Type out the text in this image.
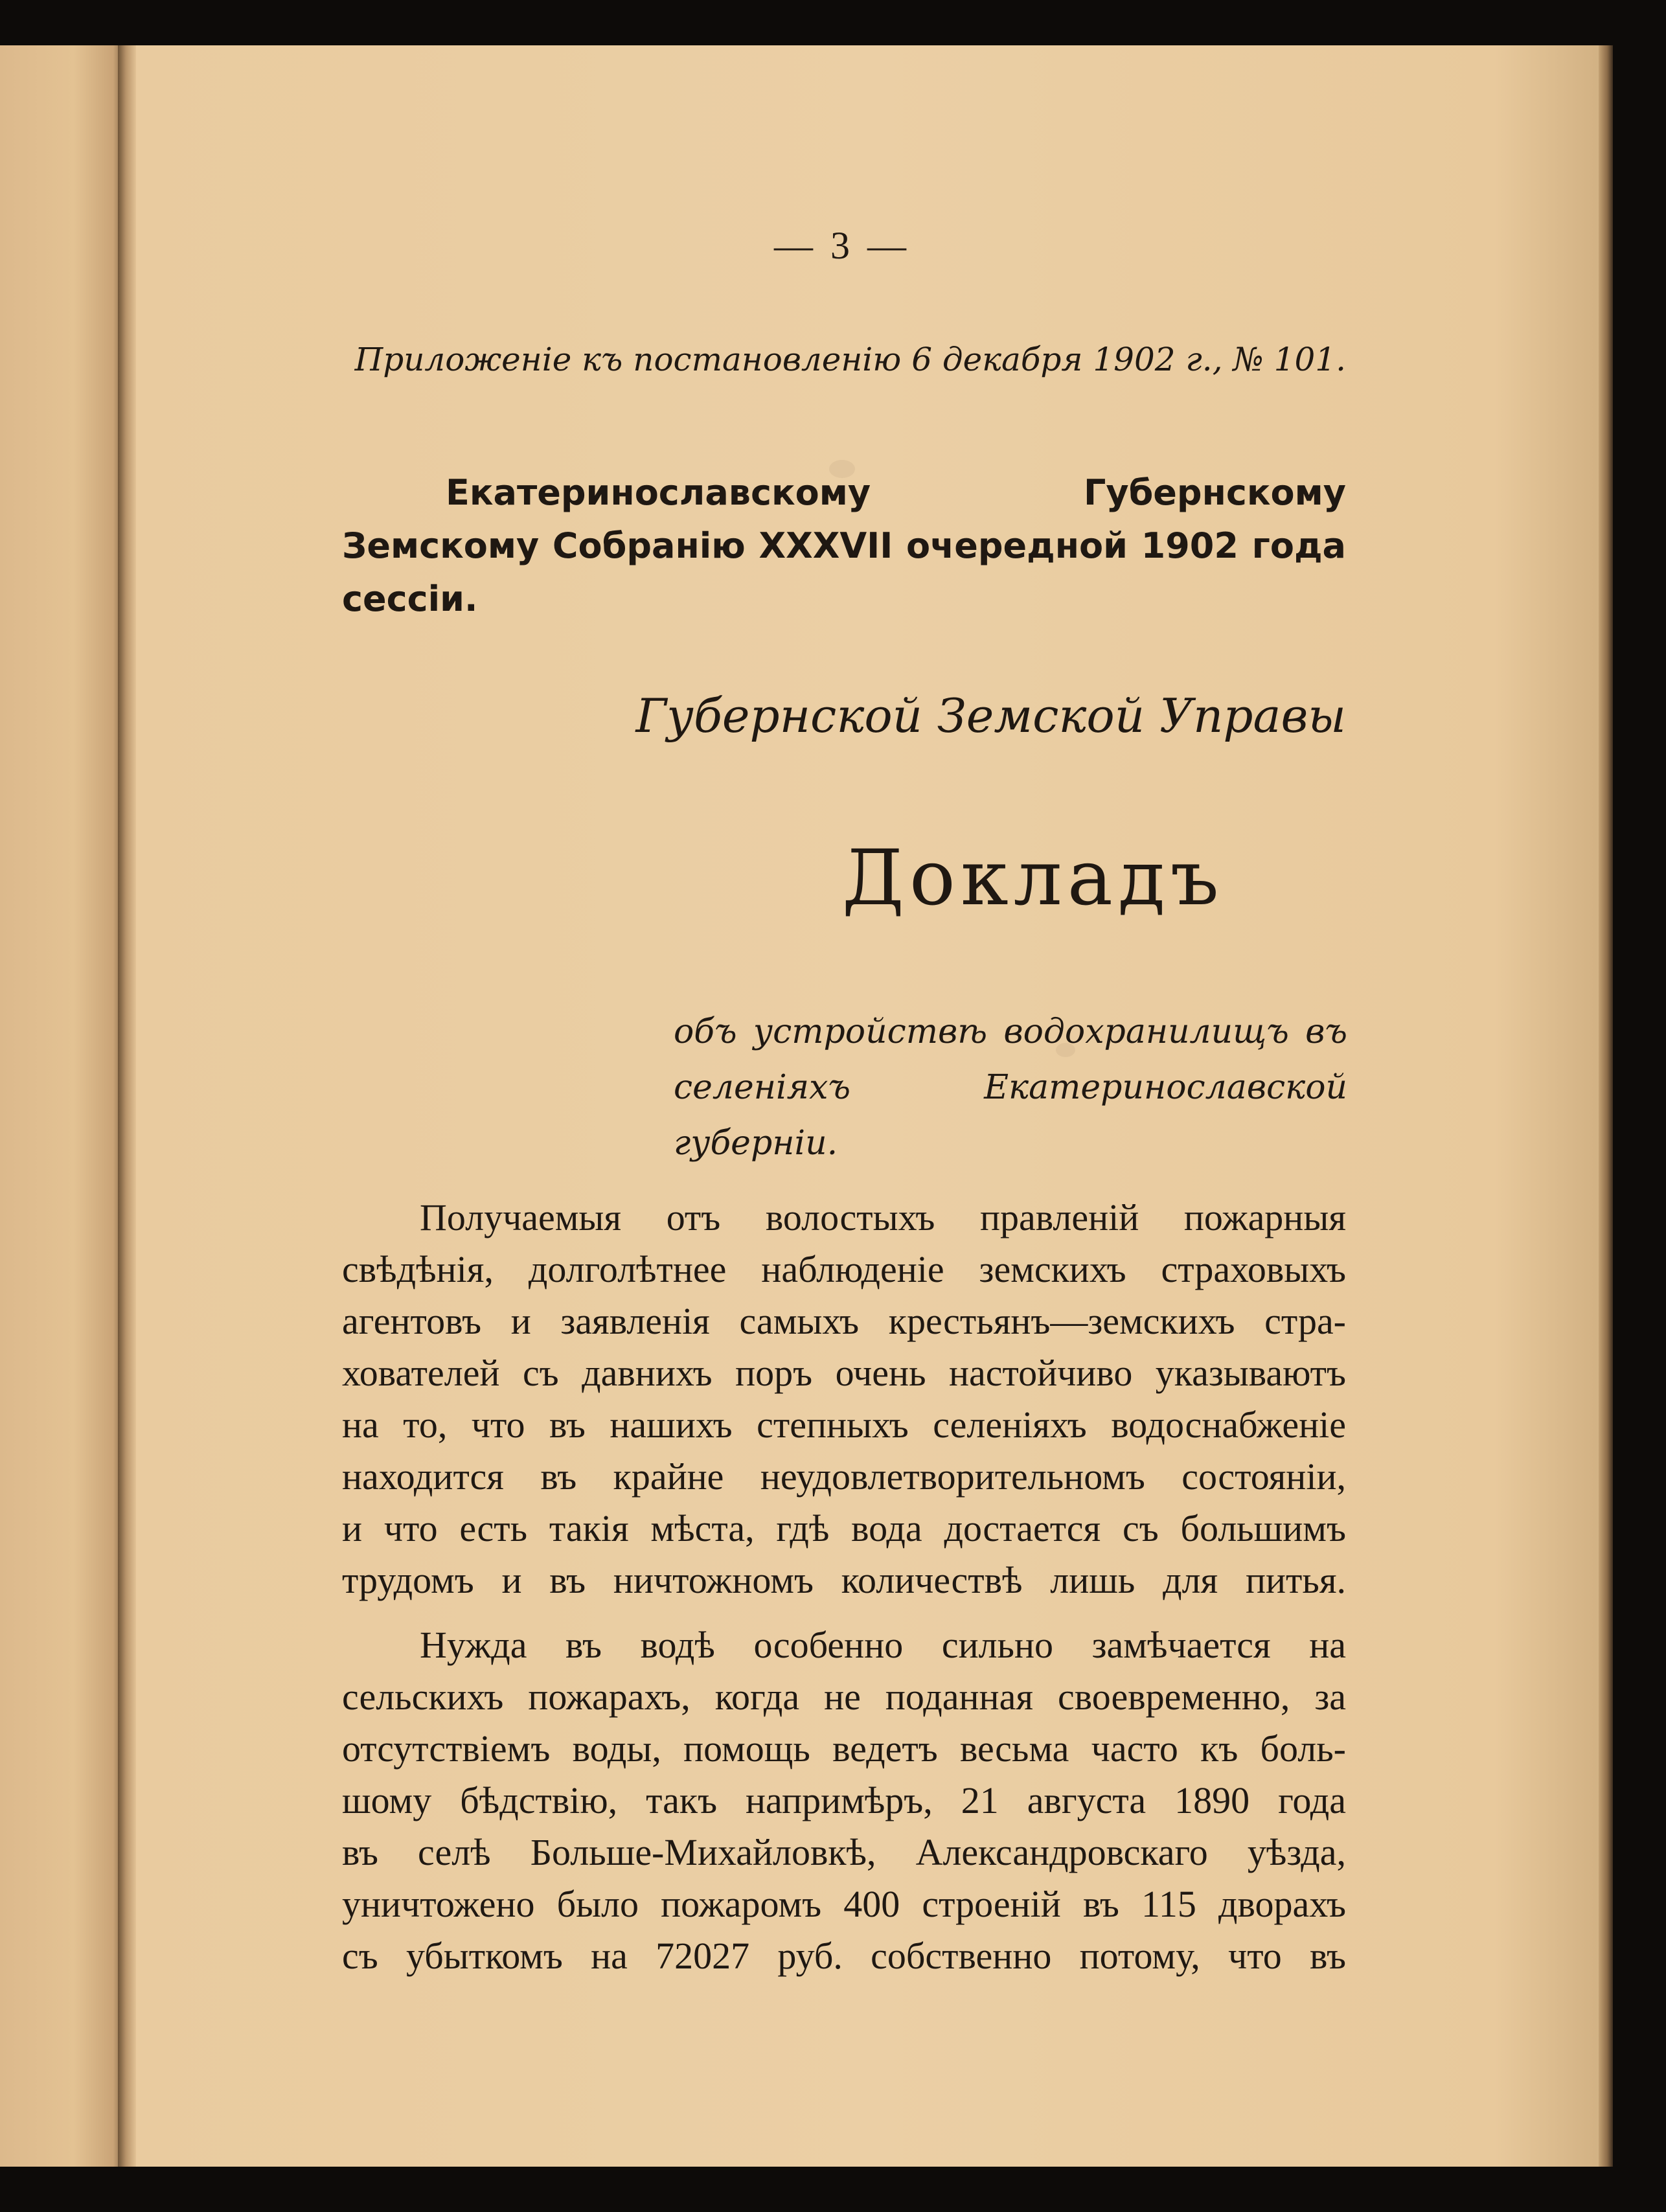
— 3 —
Приложеніе къ постановленію 6 декабря 1902 г., № 101.
Екатеринославскому Губернскому Земскому Собранію XXXVII очередной 1902 года сессіи.
Губернской Земской Управы
Докладъ
объ устройствѣ водохранилищъ въ селеніяхъ Екатеринославской губерніи.
Получаемыя отъ волостыхъ правленій пожарныя
свѣдѣнія, долголѣтнее наблюденіе земскихъ страховыхъ
агентовъ и заявленія самыхъ крестьянъ—земскихъ стра-
хователей съ давнихъ поръ очень настойчиво указываютъ
на то, что въ нашихъ степныхъ селеніяхъ водоснабженіе
находится въ крайне неудовлетворительномъ состояніи,
и что есть такія мѣста, гдѣ вода достается съ большимъ
трудомъ и въ ничтожномъ количествѣ лишь для питья.
Нужда въ водѣ особенно сильно замѣчается на
сельскихъ пожарахъ, когда не поданная своевременно, за
отсутствіемъ воды, помощь ведетъ весьма часто къ боль-
шому бѣдствію, такъ напримѣръ, 21 августа 1890 года
въ селѣ Больше-Михайловкѣ, Александровскаго уѣзда,
уничтожено было пожаромъ 400 строеній въ 115 дворахъ
съ убыткомъ на 72027 руб. собственно потому, что въ
